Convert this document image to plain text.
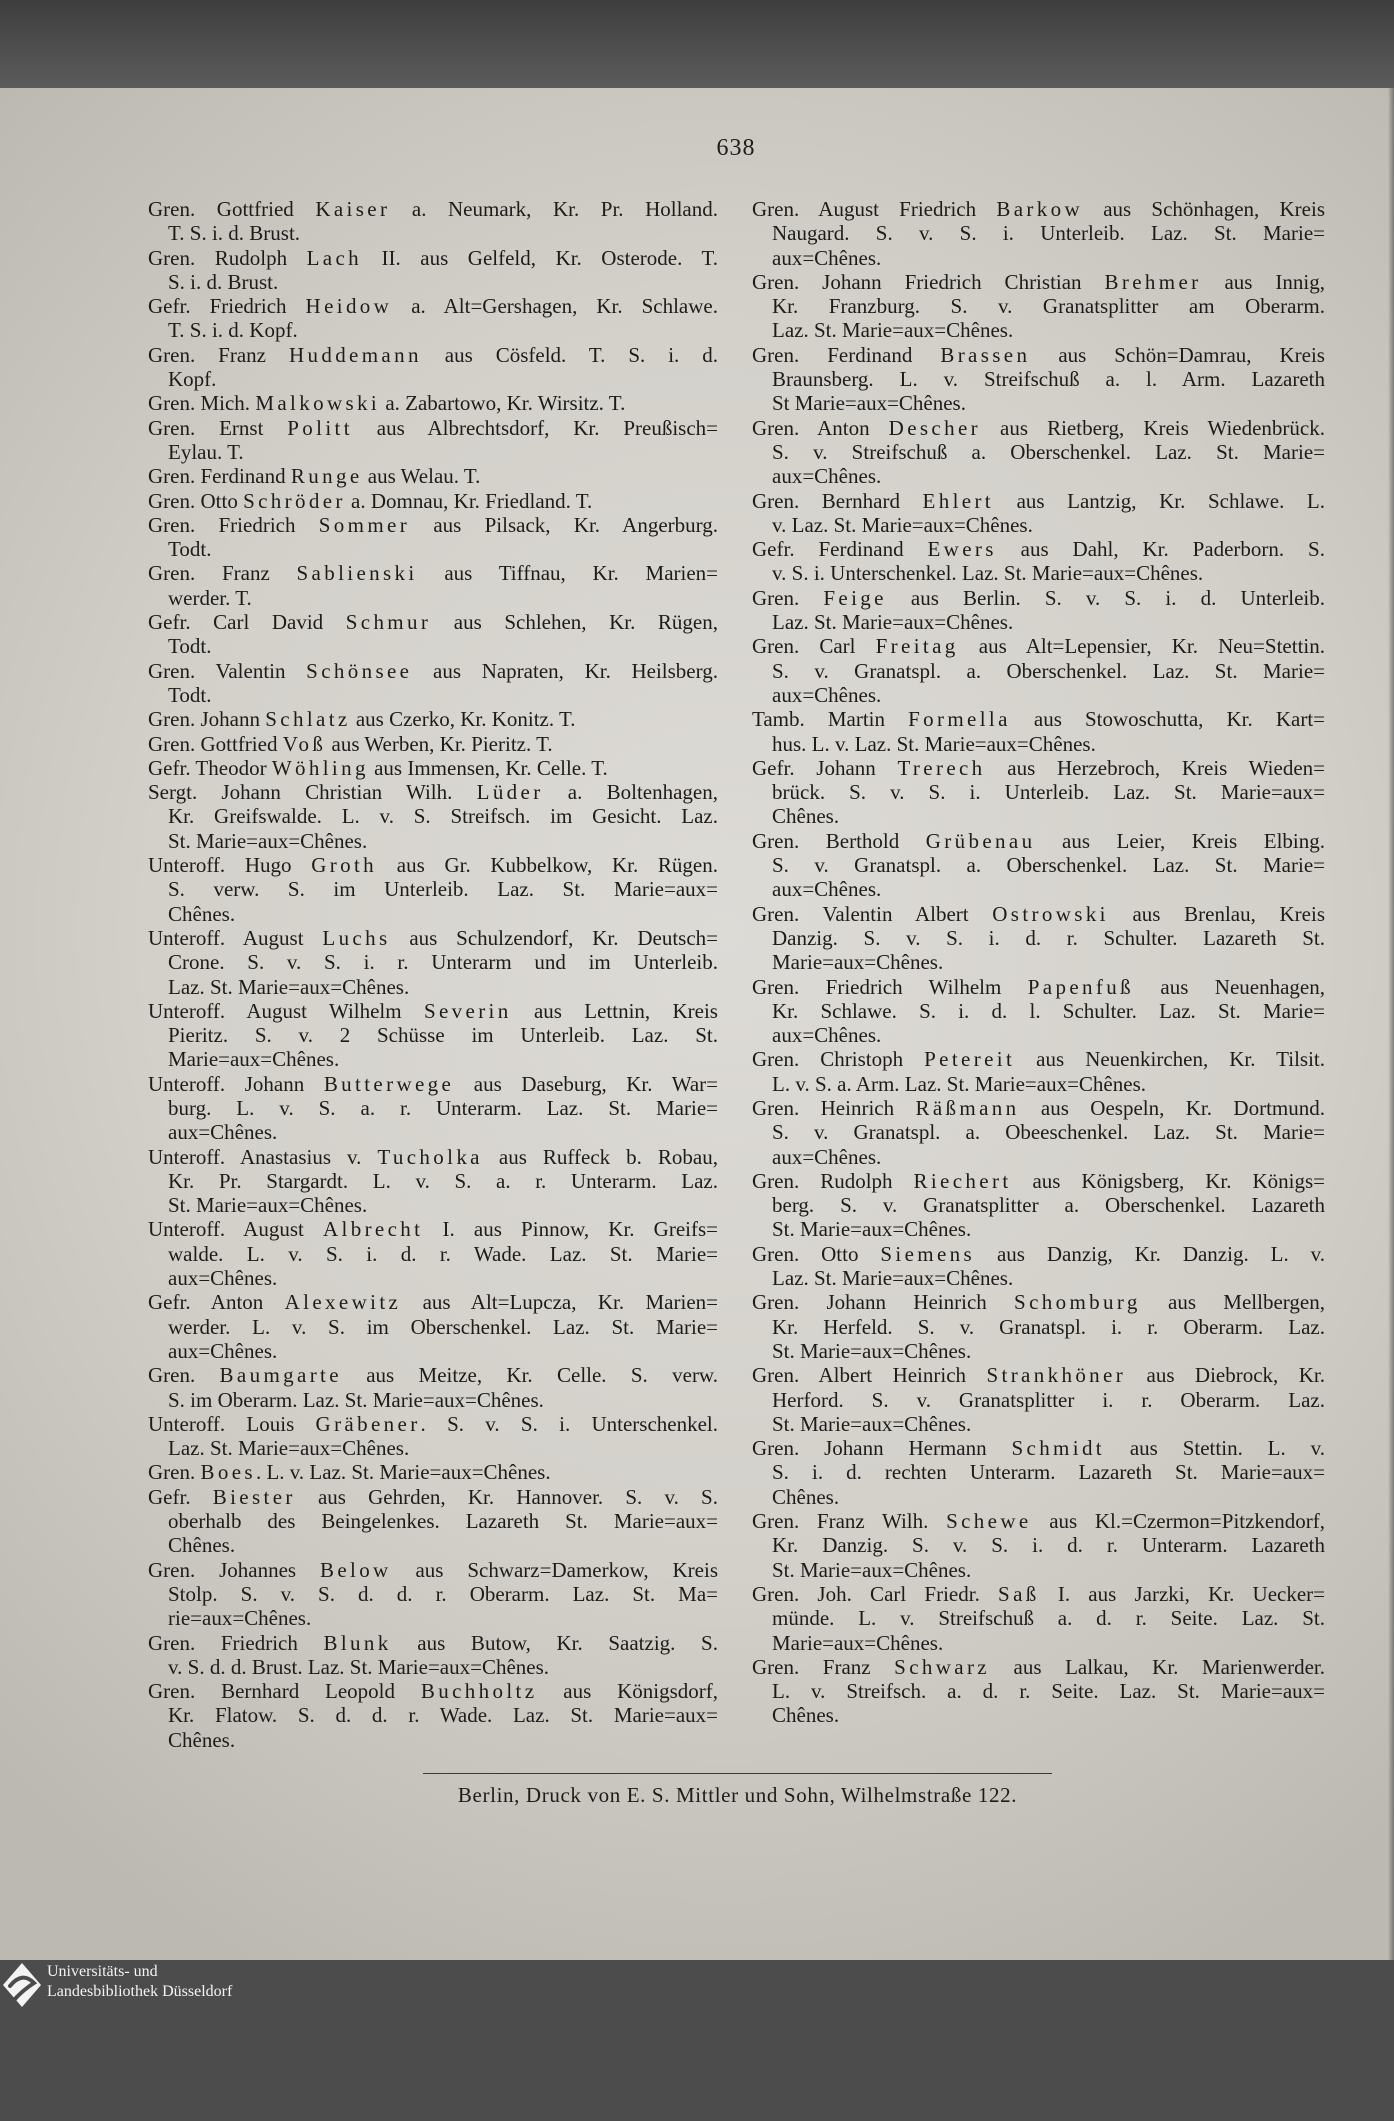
638
Gren. Gottfried Kaiser a. Neumark, Kr. Pr. Holland.
T. S. i. d. Brust.
Gren. Rudolph Lach II. aus Gelfeld, Kr. Osterode. T.
S. i. d. Brust.
Gefr. Friedrich Heidow a. Alt=Gershagen, Kr. Schlawe.
T. S. i. d. Kopf.
Gren. Franz Huddemann aus Cösfeld. T. S. i. d.
Kopf.
Gren. Mich. Malkowski a. Zabartowo, Kr. Wirsitz. T.
Gren. Ernst Politt aus Albrechtsdorf, Kr. Preußisch=
Eylau. T.
Gren. Ferdinand Runge aus Welau. T.
Gren. Otto Schröder a. Domnau, Kr. Friedland. T.
Gren. Friedrich Sommer aus Pilsack, Kr. Angerburg.
Todt.
Gren. Franz Sablienski aus Tiffnau, Kr. Marien=
werder. T.
Gefr. Carl David Schmur aus Schlehen, Kr. Rügen,
Todt.
Gren. Valentin Schönsee aus Napraten, Kr. Heilsberg.
Todt.
Gren. Johann Schlatz aus Czerko, Kr. Konitz. T.
Gren. Gottfried Voß aus Werben, Kr. Pieritz. T.
Gefr. Theodor Wöhling aus Immensen, Kr. Celle. T.
Sergt. Johann Christian Wilh. Lüder a. Boltenhagen,
Kr. Greifswalde. L. v. S. Streifsch. im Gesicht. Laz.
St. Marie=aux=Chênes.
Unteroff. Hugo Groth aus Gr. Kubbelkow, Kr. Rügen.
S. verw. S. im Unterleib. Laz. St. Marie=aux=
Chênes.
Unteroff. August Luchs aus Schulzendorf, Kr. Deutsch=
Crone. S. v. S. i. r. Unterarm und im Unterleib.
Laz. St. Marie=aux=Chênes.
Unteroff. August Wilhelm Severin aus Lettnin, Kreis
Pieritz. S. v. 2 Schüsse im Unterleib. Laz. St.
Marie=aux=Chênes.
Unteroff. Johann Butterwege aus Daseburg, Kr. War=
burg. L. v. S. a. r. Unterarm. Laz. St. Marie=
aux=Chênes.
Unteroff. Anastasius v. Tucholka aus Ruffeck b. Robau,
Kr. Pr. Stargardt. L. v. S. a. r. Unterarm. Laz.
St. Marie=aux=Chênes.
Unteroff. August Albrecht I. aus Pinnow, Kr. Greifs=
walde. L. v. S. i. d. r. Wade. Laz. St. Marie=
aux=Chênes.
Gefr. Anton Alexewitz aus Alt=Lupcza, Kr. Marien=
werder. L. v. S. im Oberschenkel. Laz. St. Marie=
aux=Chênes.
Gren. Baumgarte aus Meitze, Kr. Celle. S. verw.
S. im Oberarm. Laz. St. Marie=aux=Chênes.
Unteroff. Louis Gräbener. S. v. S. i. Unterschenkel.
Laz. St. Marie=aux=Chênes.
Gren. Boes. L. v. Laz. St. Marie=aux=Chênes.
Gefr. Biester aus Gehrden, Kr. Hannover. S. v. S.
oberhalb des Beingelenkes. Lazareth St. Marie=aux=
Chênes.
Gren. Johannes Below aus Schwarz=Damerkow, Kreis
Stolp. S. v. S. d. d. r. Oberarm. Laz. St. Ma=
rie=aux=Chênes.
Gren. Friedrich Blunk aus Butow, Kr. Saatzig. S.
v. S. d. d. Brust. Laz. St. Marie=aux=Chênes.
Gren. Bernhard Leopold Buchholtz aus Königsdorf,
Kr. Flatow. S. d. d. r. Wade. Laz. St. Marie=aux=
Chênes.
Gren. August Friedrich Barkow aus Schönhagen, Kreis
Naugard. S. v. S. i. Unterleib. Laz. St. Marie=
aux=Chênes.
Gren. Johann Friedrich Christian Brehmer aus Innig,
Kr. Franzburg. S. v. Granatsplitter am Oberarm.
Laz. St. Marie=aux=Chênes.
Gren. Ferdinand Brassen aus Schön=Damrau, Kreis
Braunsberg. L. v. Streifschuß a. l. Arm. Lazareth
St Marie=aux=Chênes.
Gren. Anton Descher aus Rietberg, Kreis Wiedenbrück.
S. v. Streifschuß a. Oberschenkel. Laz. St. Marie=
aux=Chênes.
Gren. Bernhard Ehlert aus Lantzig, Kr. Schlawe. L.
v. Laz. St. Marie=aux=Chênes.
Gefr. Ferdinand Ewers aus Dahl, Kr. Paderborn. S.
v. S. i. Unterschenkel. Laz. St. Marie=aux=Chênes.
Gren. Feige aus Berlin. S. v. S. i. d. Unterleib.
Laz. St. Marie=aux=Chênes.
Gren. Carl Freitag aus Alt=Lepensier, Kr. Neu=Stettin.
S. v. Granatspl. a. Oberschenkel. Laz. St. Marie=
aux=Chênes.
Tamb. Martin Formella aus Stowoschutta, Kr. Kart=
hus. L. v. Laz. St. Marie=aux=Chênes.
Gefr. Johann Trerech aus Herzebroch, Kreis Wieden=
brück. S. v. S. i. Unterleib. Laz. St. Marie=aux=
Chênes.
Gren. Berthold Grübenau aus Leier, Kreis Elbing.
S. v. Granatspl. a. Oberschenkel. Laz. St. Marie=
aux=Chênes.
Gren. Valentin Albert Ostrowski aus Brenlau, Kreis
Danzig. S. v. S. i. d. r. Schulter. Lazareth St.
Marie=aux=Chênes.
Gren. Friedrich Wilhelm Papenfuß aus Neuenhagen,
Kr. Schlawe. S. i. d. l. Schulter. Laz. St. Marie=
aux=Chênes.
Gren. Christoph Petereit aus Neuenkirchen, Kr. Tilsit.
L. v. S. a. Arm. Laz. St. Marie=aux=Chênes.
Gren. Heinrich Räßmann aus Oespeln, Kr. Dortmund.
S. v. Granatspl. a. Obeeschenkel. Laz. St. Marie=
aux=Chênes.
Gren. Rudolph Riechert aus Königsberg, Kr. Königs=
berg. S. v. Granatsplitter a. Oberschenkel. Lazareth
St. Marie=aux=Chênes.
Gren. Otto Siemens aus Danzig, Kr. Danzig. L. v.
Laz. St. Marie=aux=Chênes.
Gren. Johann Heinrich Schomburg aus Mellbergen,
Kr. Herfeld. S. v. Granatspl. i. r. Oberarm. Laz.
St. Marie=aux=Chênes.
Gren. Albert Heinrich Strankhöner aus Diebrock, Kr.
Herford. S. v. Granatsplitter i. r. Oberarm. Laz.
St. Marie=aux=Chênes.
Gren. Johann Hermann Schmidt aus Stettin. L. v.
S. i. d. rechten Unterarm. Lazareth St. Marie=aux=
Chênes.
Gren. Franz Wilh. Schewe aus Kl.=Czermon=Pitzkendorf,
Kr. Danzig. S. v. S. i. d. r. Unterarm. Lazareth
St. Marie=aux=Chênes.
Gren. Joh. Carl Friedr. Saß I. aus Jarzki, Kr. Uecker=
münde. L. v. Streifschuß a. d. r. Seite. Laz. St.
Marie=aux=Chênes.
Gren. Franz Schwarz aus Lalkau, Kr. Marienwerder.
L. v. Streifsch. a. d. r. Seite. Laz. St. Marie=aux=
Chênes.
Berlin, Druck von E. S. Mittler und Sohn, Wilhelmstraße 122.
Universitäts- und
Landesbibliothek Düsseldorf
